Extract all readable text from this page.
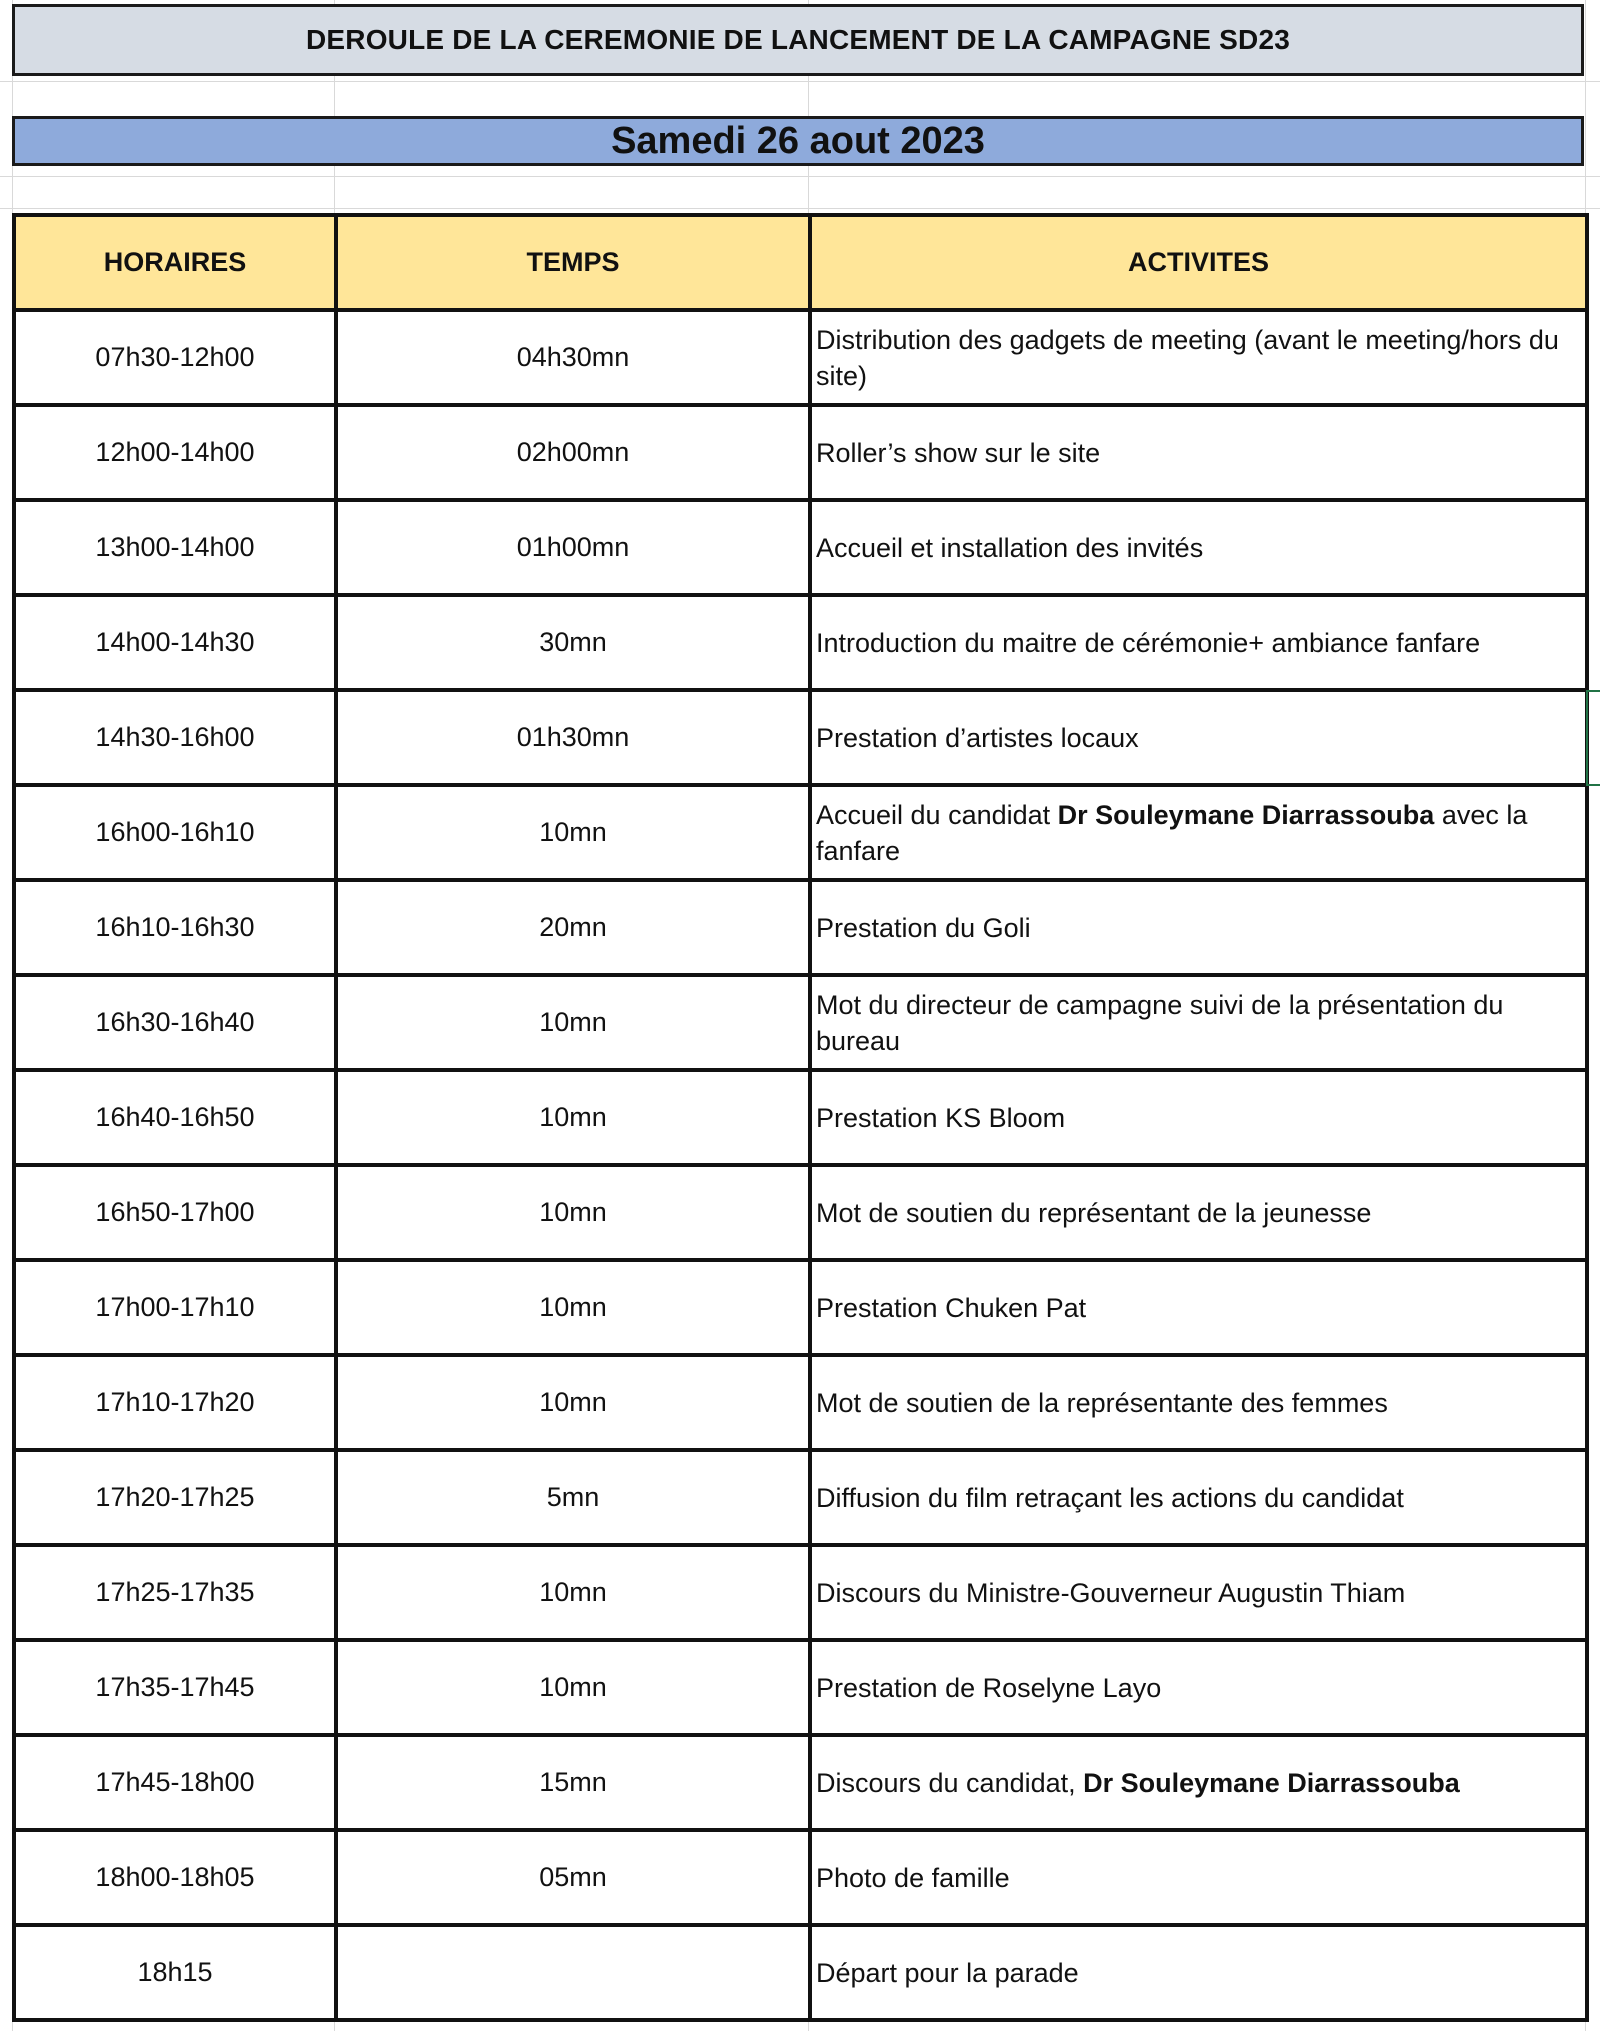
DEROULE DE LA CEREMONIE DE LANCEMENT DE LA CAMPAGNE SD23
Samedi 26 aout 2023
HORAIRES	TEMPS	ACTIVITES
07h30-12h00	04h30mn	Distribution des gadgets de meeting (avant le meeting/hors du site)
12h00-14h00	02h00mn	Roller’s show sur le site
13h00-14h00	01h00mn	Accueil et installation des invités
14h00-14h30	30mn	Introduction du maitre de cérémonie+ ambiance fanfare
14h30-16h00	01h30mn	Prestation d’artistes locaux
16h00-16h10	10mn	Accueil du candidat Dr Souleymane Diarrassouba avec la fanfare
16h10-16h30	20mn	Prestation du Goli
16h30-16h40	10mn	Mot du directeur de campagne suivi de la présentation du bureau
16h40-16h50	10mn	Prestation KS Bloom
16h50-17h00	10mn	Mot de soutien du représentant de la jeunesse
17h00-17h10	10mn	Prestation Chuken Pat
17h10-17h20	10mn	Mot de soutien de la représentante des femmes
17h20-17h25	5mn	Diffusion du film retraçant les actions du candidat
17h25-17h35	10mn	Discours du Ministre-Gouverneur Augustin Thiam
17h35-17h45	10mn	Prestation de Roselyne Layo
17h45-18h00	15mn	Discours du candidat, Dr Souleymane Diarrassouba
18h00-18h05	05mn	Photo de famille
18h15		Départ pour la parade
